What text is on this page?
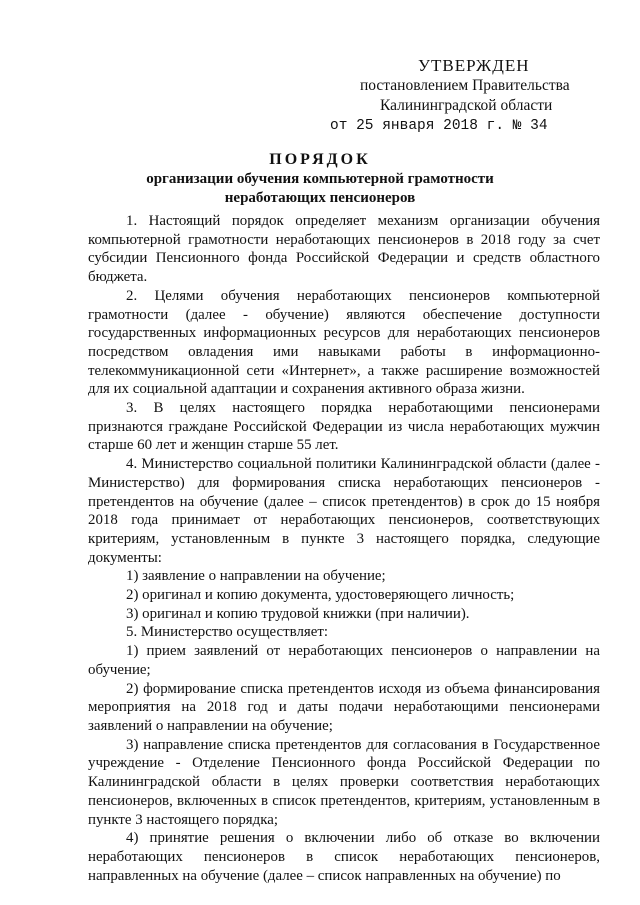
УТВЕРЖДЕН
постановлением Правительства
Калининградской области
от 25 января 2018 г. № 34
ПОРЯДОК
организации обучения компьютерной грамотности
неработающих пенсионеров

1. Настоящий порядок определяет механизм организации обучения компьютерной грамотности неработающих пенсионеров в 2018 году за счет субсидии Пенсионного фонда Российской Федерации и средств областного бюджета.

2. Целями обучения неработающих пенсионеров компьютерной грамотности (далее - обучение) являются обеспечение доступности государственных информационных ресурсов для неработающих пенсионеров посредством овладения ими навыками работы в информационно-телекоммуникационной сети «Интернет», а также расширение возможностей для их социальной адаптации и сохранения активного образа жизни.

3. В целях настоящего порядка неработающими пенсионерами признаются граждане Российской Федерации из числа неработающих мужчин старше 60 лет и женщин старше 55 лет.

4. Министерство социальной политики Калининградской области (далее - Министерство) для формирования списка неработающих пенсионеров - претендентов на обучение (далее – список претендентов) в срок до 15 ноября 2018 года принимает от неработающих пенсионеров, соответствующих критериям, установленным в пункте 3 настоящего порядка, следующие документы:

1) заявление о направлении на обучение;

2) оригинал и копию документа, удостоверяющего личность;

3) оригинал и копию трудовой книжки (при наличии).

5. Министерство осуществляет:

1) прием заявлений от неработающих пенсионеров о направлении на обучение;

2) формирование списка претендентов исходя из объема финансирования мероприятия на 2018 год и даты подачи неработающими пенсионерами заявлений о направлении на обучение;

3) направление списка претендентов для согласования в Государственное учреждение - Отделение Пенсионного фонда Российской Федерации по Калининградской области в целях проверки соответствия неработающих пенсионеров, включенных в список претендентов, критериям, установленным в пункте 3 настоящего порядка;

4) принятие решения о включении либо об отказе во включении неработающих пенсионеров в список неработающих пенсионеров, направленных на обучение (далее – список направленных на обучение) по
